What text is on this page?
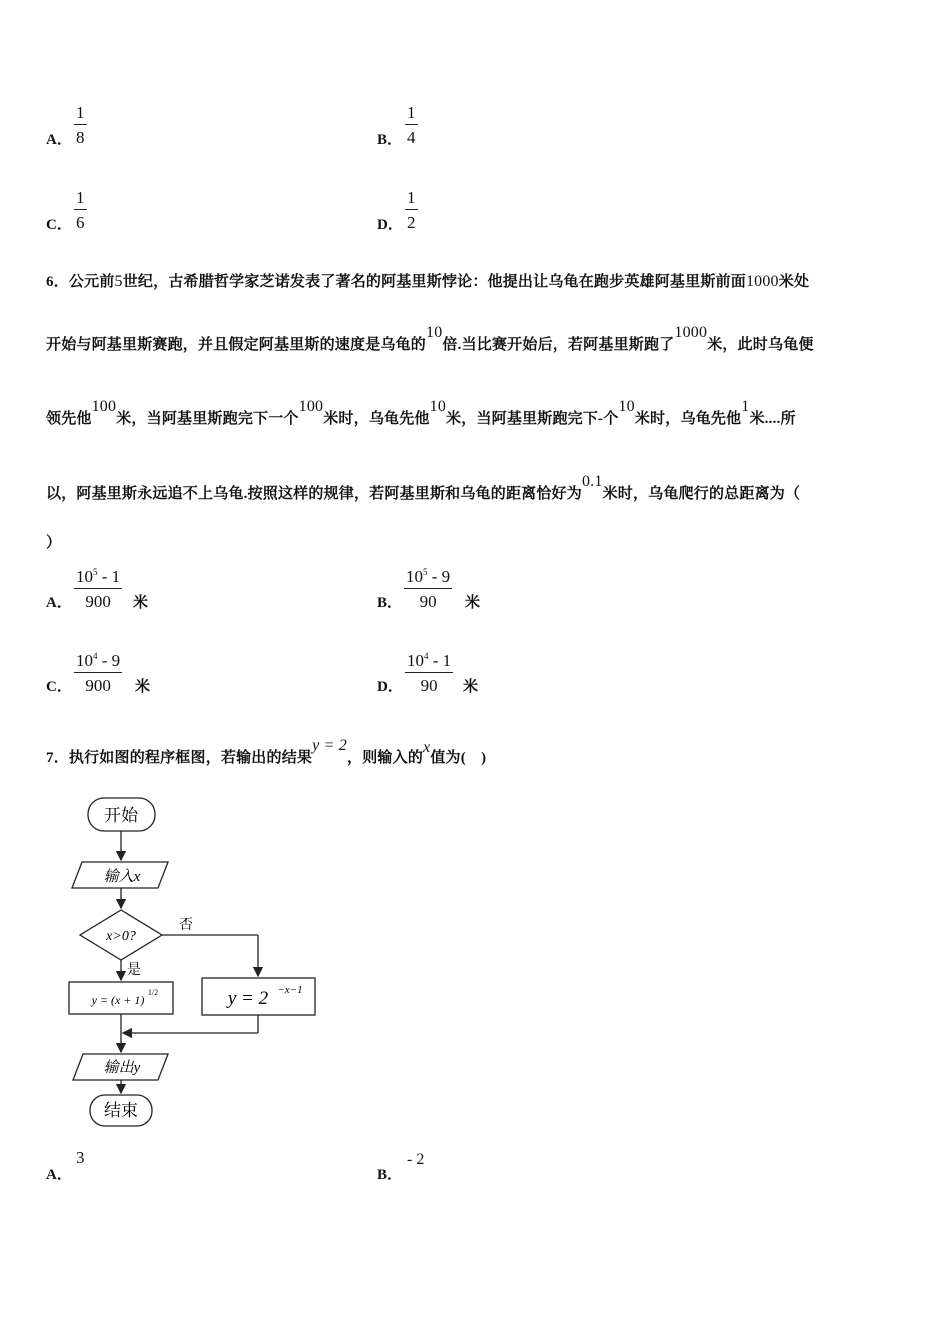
A．
1
8	B．
1
4
C．
1
6	D．
1
2
6．公元前5世纪，古希腊哲学家芝诺发表了著名的阿基里斯悖论：他提出让乌龟在跑步英雄阿基里斯前面1000米处
开始与阿基里斯赛跑，并且假定阿基里斯的速度是乌龟的10倍.当比赛开始后，若阿基里斯跑了1000米，此时乌龟便
领先他100米，当阿基里斯跑完下一个100米时，乌龟先他10米，当阿基里斯跑完下-个10米时，乌龟先他1米....所
以，阿基里斯永远追不上乌龟.按照这样的规律，若阿基里斯和乌龟的距离恰好为0.1米时，乌龟爬行的总距离为（
）
A．
$10^5 - 1$
900	米	B．
$10^5 - 9$
90	米
C．
$10^4 - 9$
900	米	D．
$10^4 - 1$
90	米
7．执行如图的程序框图，若输出的结果y = 2，则输入的x值为(　)
开始
输入x
x>0?
否
是
y = (x + 1)
1/2	y = 2 −x−1
输出y
结束
A．
3
B．
- 2
